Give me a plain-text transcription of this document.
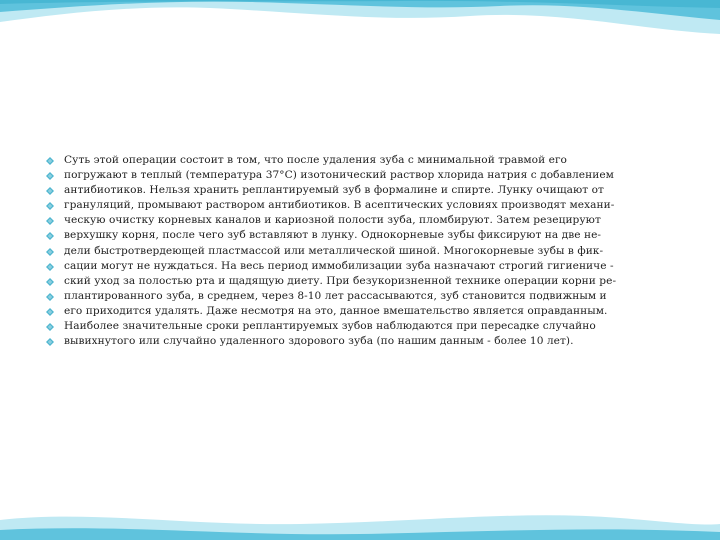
Суть этой операции состоит в том, что после удаления зуба с минимальной травмой его
погружают в теплый (температура 37°С) изотонический раствор хлорида натрия с добавлением
антибиотиков. Нельзя хранить реплантируемый зуб в формалине и спирте. Лунку очищают от
грануляций, промывают раствором антибиотиков. В асептических условиях производят механи-
ческую очистку корневых каналов и кариозной полости зуба, пломбируют. Затем резецируют
верхушку корня, после чего зуб вставляют в лунку. Однокорневые зубы фиксируют на две не-
дели быстротвердеющей пластмассой или металлической шиной. Многокорневые зубы в фик-
сации могут не нуждаться. На весь период иммобилизации зуба назначают строгий гигиениче -
ский уход за полостью рта и щадящую диету. При безукоризненной технике операции корни ре-
плантированного зуба, в среднем, через 8-10 лет рассасываются, зуб становится подвижным и
его приходится удалять. Даже несмотря на это, данное вмешательство является оправданным.
Наиболее значительные сроки реплантируемых зубов наблюдаются при пересадке случайно
вывихнутого или случайно удаленного здорового зуба (по нашим данным - более 10 лет).
